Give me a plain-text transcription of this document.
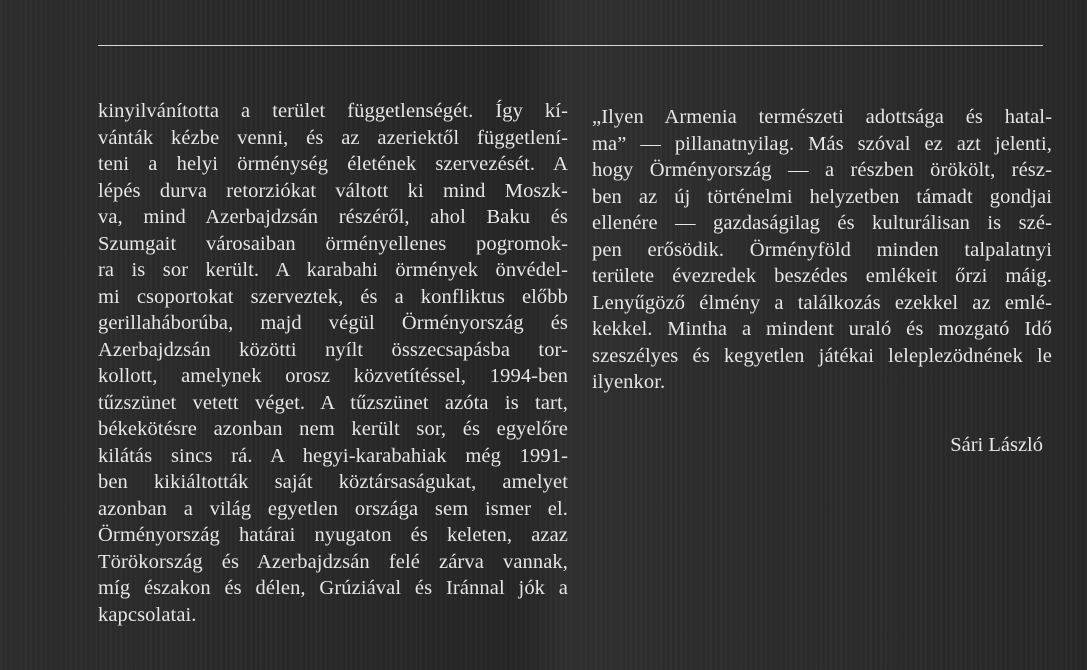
kinyilvánította a terület függetlenségét. Így kí-
vánták kézbe venni, és az azeriektől függetlení-
teni a helyi örménység életének szervezését. A
lépés durva retorziókat váltott ki mind Moszk-
va, mind Azerbajdzsán részéről, ahol Baku és
Szumgait városaiban örményellenes pogromok-
ra is sor került. A karabahi örmények önvédel-
mi csoportokat szerveztek, és a konfliktus előbb
gerillaháborúba, majd végül Örményország és
Azerbajdzsán közötti nyílt összecsapásba tor-
kollott, amelynek orosz közvetítéssel, 1994-ben
tűzszünet vetett véget. A tűzszünet azóta is tart,
békekötésre azonban nem került sor, és egyelőre
kilátás sincs rá. A hegyi-karabahiak még 1991-
ben kikiáltották saját köztársaságukat, amelyet
azonban a világ egyetlen országa sem ismer el.
Örményország határai nyugaton és keleten, azaz
Törökország és Azerbajdzsán felé zárva vannak,
míg északon és délen, Grúziával és Iránnal jók a
kapcsolatai.
„Ilyen Armenia természeti adottsága és hatal-
ma” — pillanatnyilag. Más szóval ez azt jelenti,
hogy Örményország — a részben örökölt, rész-
ben az új történelmi helyzetben támadt gondjai
ellenére — gazdaságilag és kulturálisan is szé-
pen erősödik. Örményföld minden talpalatnyi
területe évezredek beszédes emlékeit őrzi máig.
Lenyűgöző élmény a találkozás ezekkel az emlé-
kekkel. Mintha a mindent uraló és mozgató Idő
szeszélyes és kegyetlen játékai leleplezödnének le
ilyenkor.
Sári László
